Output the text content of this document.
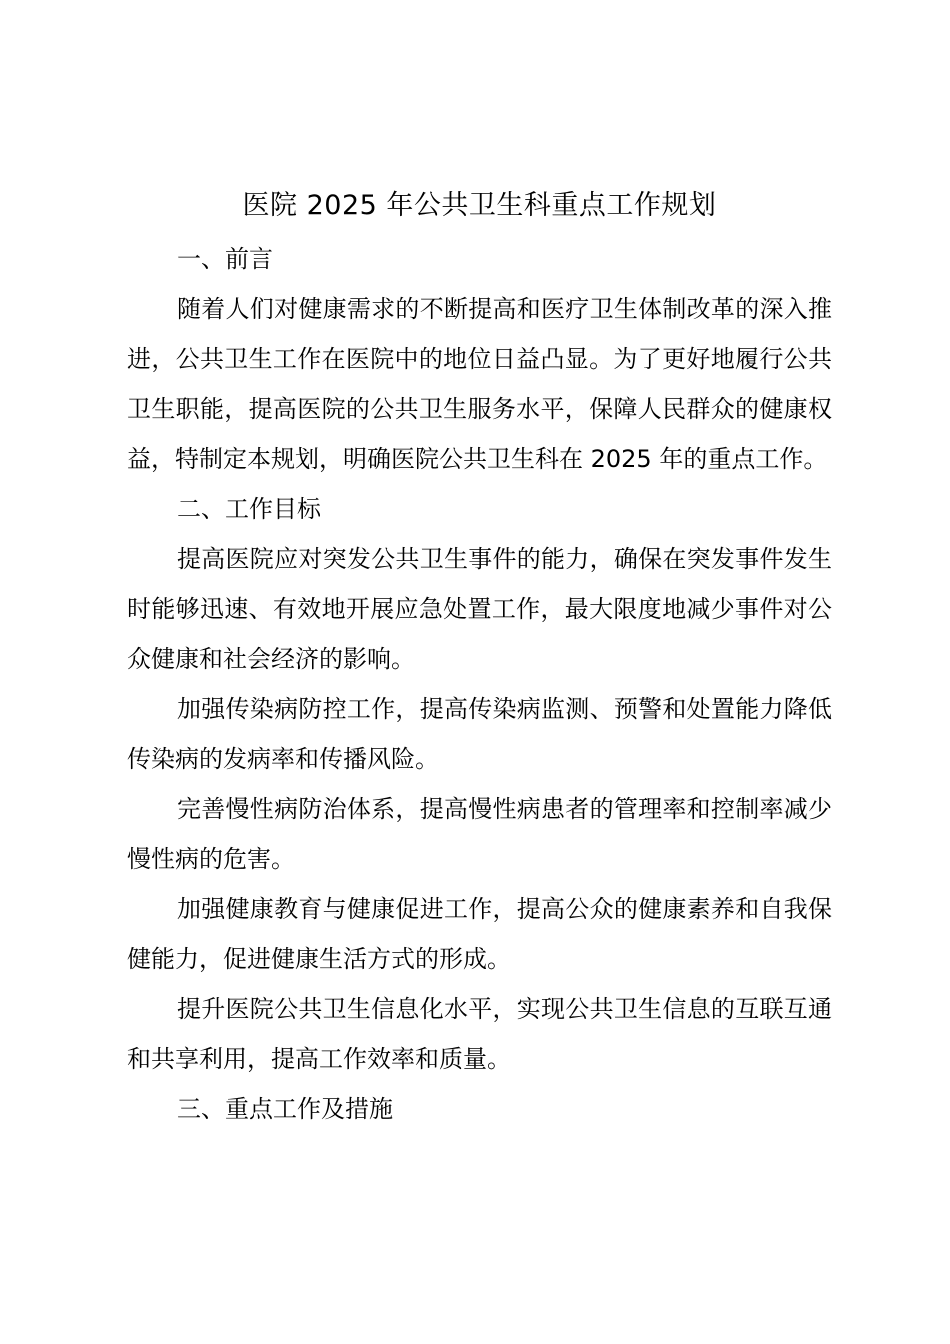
医院 2025 年公共卫生科重点工作规划

一、前言

随着人们对健康需求的不断提高和医疗卫生体制改革的深入推进，公共卫生工作在医院中的地位日益凸显。为了更好地履行公共卫生职能，提高医院的公共卫生服务水平，保障人民群众的健康权益，特制定本规划，明确医院公共卫生科在 2025 年的重点工作。

二、工作目标

提高医院应对突发公共卫生事件的能力，确保在突发事件发生时能够迅速、有效地开展应急处置工作，最大限度地减少事件对公众健康和社会经济的影响。

加强传染病防控工作，提高传染病监测、预警和处置能力降低传染病的发病率和传播风险。

完善慢性病防治体系，提高慢性病患者的管理率和控制率减少慢性病的危害。

加强健康教育与健康促进工作，提高公众的健康素养和自我保健能力，促进健康生活方式的形成。

提升医院公共卫生信息化水平，实现公共卫生信息的互联互通和共享利用，提高工作效率和质量。

三、重点工作及措施
